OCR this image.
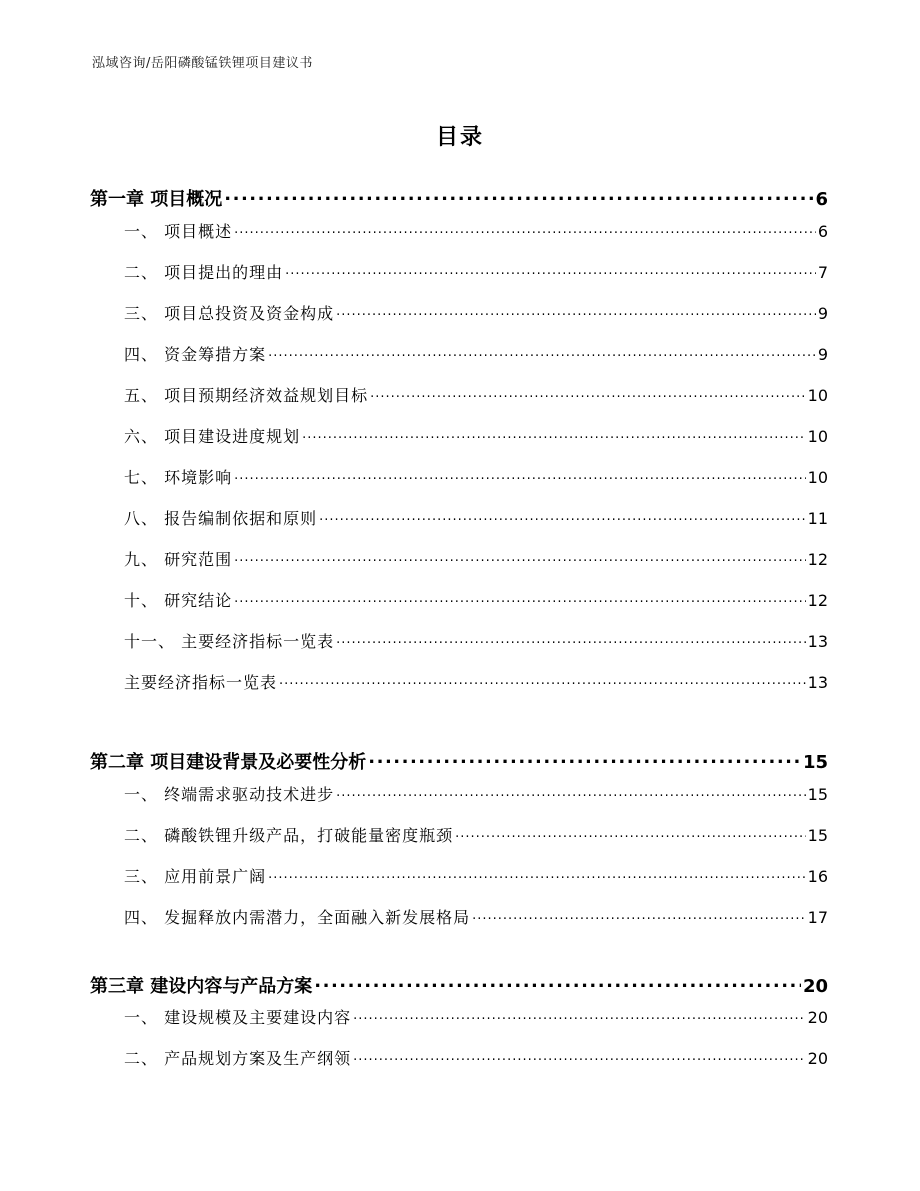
泓域咨询/岳阳磷酸锰铁锂项目建议书
目录
第一章 项目概况 .....	6
一、 项目概述 .....	6
二、 项目提出的理由 .....	7
三、 项目总投资及资金构成 .....	9
四、 资金筹措方案 .....	9
五、 项目预期经济效益规划目标 .....	10
六、 项目建设进度规划 .....	10
七、 环境影响 .....	10
八、 报告编制依据和原则 .....	11
九、 研究范围 .....	12
十、 研究结论 .....	12
十一、 主要经济指标一览表 .....	13
主要经济指标一览表 .....	13
第二章 项目建设背景及必要性分析 .....	15
一、 终端需求驱动技术进步 .....	15
二、 磷酸铁锂升级产品，打破能量密度瓶颈 .....	15
三、 应用前景广阔 .....	16
四、 发掘释放内需潜力，全面融入新发展格局 .....	17
第三章 建设内容与产品方案 .....	20
一、 建设规模及主要建设内容 .....	20
二、 产品规划方案及生产纲领 .....	20
